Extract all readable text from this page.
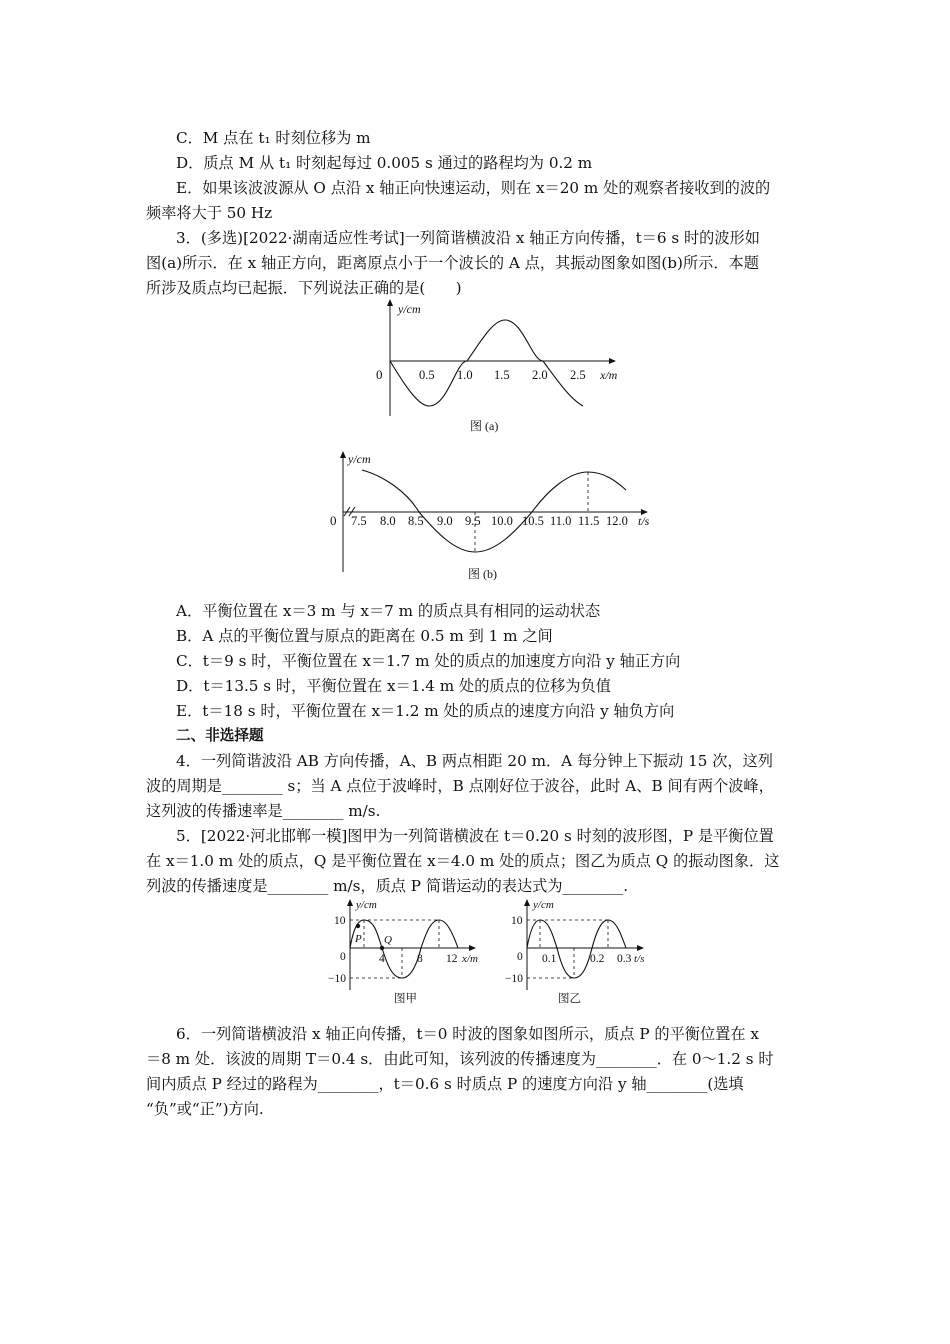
C．M 点在 t₁ 时刻位移为 m
D．质点 M 从 t₁ 时刻起每过 0.005 s 通过的路程均为 0.2 m
E．如果该波波源从 O 点沿 x 轴正向快速运动，则在 x＝20 m 处的观察者接收到的波的
频率将大于 50 Hz
3．(多选)[2022·湖南适应性考试]一列简谐横波沿 x 轴正方向传播，t＝6 s 时的波形如
图(a)所示．在 x 轴正方向，距离原点小于一个波长的 A 点，其振动图象如图(b)所示．本题
所涉及质点均已起振．下列说法正确的是(　　)
y/cm
0	0.5 1.0 1.5 2.0 2.5 x/m
图 (a)
y/cm
0 7.5 8.0 8.5 9.0 9.5 10.0 10.5 11.0 11.5 12.0 t/s
图 (b)
A．平衡位置在 x＝3 m 与 x＝7 m 的质点具有相同的运动状态
B．A 点的平衡位置与原点的距离在 0.5 m 到 1 m 之间
C．t＝9 s 时，平衡位置在 x＝1.7 m 处的质点的加速度方向沿 y 轴正方向
D．t＝13.5 s 时，平衡位置在 x＝1.4 m 处的质点的位移为负值
E．t＝18 s 时，平衡位置在 x＝1.2 m 处的质点的速度方向沿 y 轴负方向
二、非选择题
4．一列简谐波沿 AB 方向传播，A、B 两点相距 20 m．A 每分钟上下振动 15 次，这列
波的周期是________ s；当 A 点位于波峰时，B 点刚好位于波谷，此时 A、B 间有两个波峰，
这列波的传播速率是________ m/s.
5．[2022·河北邯郸一模]图甲为一列简谐横波在 t＝0.20 s 时刻的波形图，P 是平衡位置
在 x＝1.0 m 处的质点，Q 是平衡位置在 x＝4.0 m 处的质点；图乙为质点 Q 的振动图象．这
列波的传播速度是________ m/s，质点 P 简谐运动的表达式为________.
y/cm
10
0
−10
P Q
4	8 12 x/m
图甲
y/cm
10
0
−10
0.1	0.2 0.3 t/s
图乙
6．一列简谐横波沿 x 轴正向传播，t＝0 时波的图象如图所示，质点 P 的平衡位置在 x
＝8 m 处．该波的周期 T＝0.4 s．由此可知，该列波的传播速度为________．在 0～1.2 s 时
间内质点 P 经过的路程为________，t＝0.6 s 时质点 P 的速度方向沿 y 轴________(选填
“负”或“正”)方向.
